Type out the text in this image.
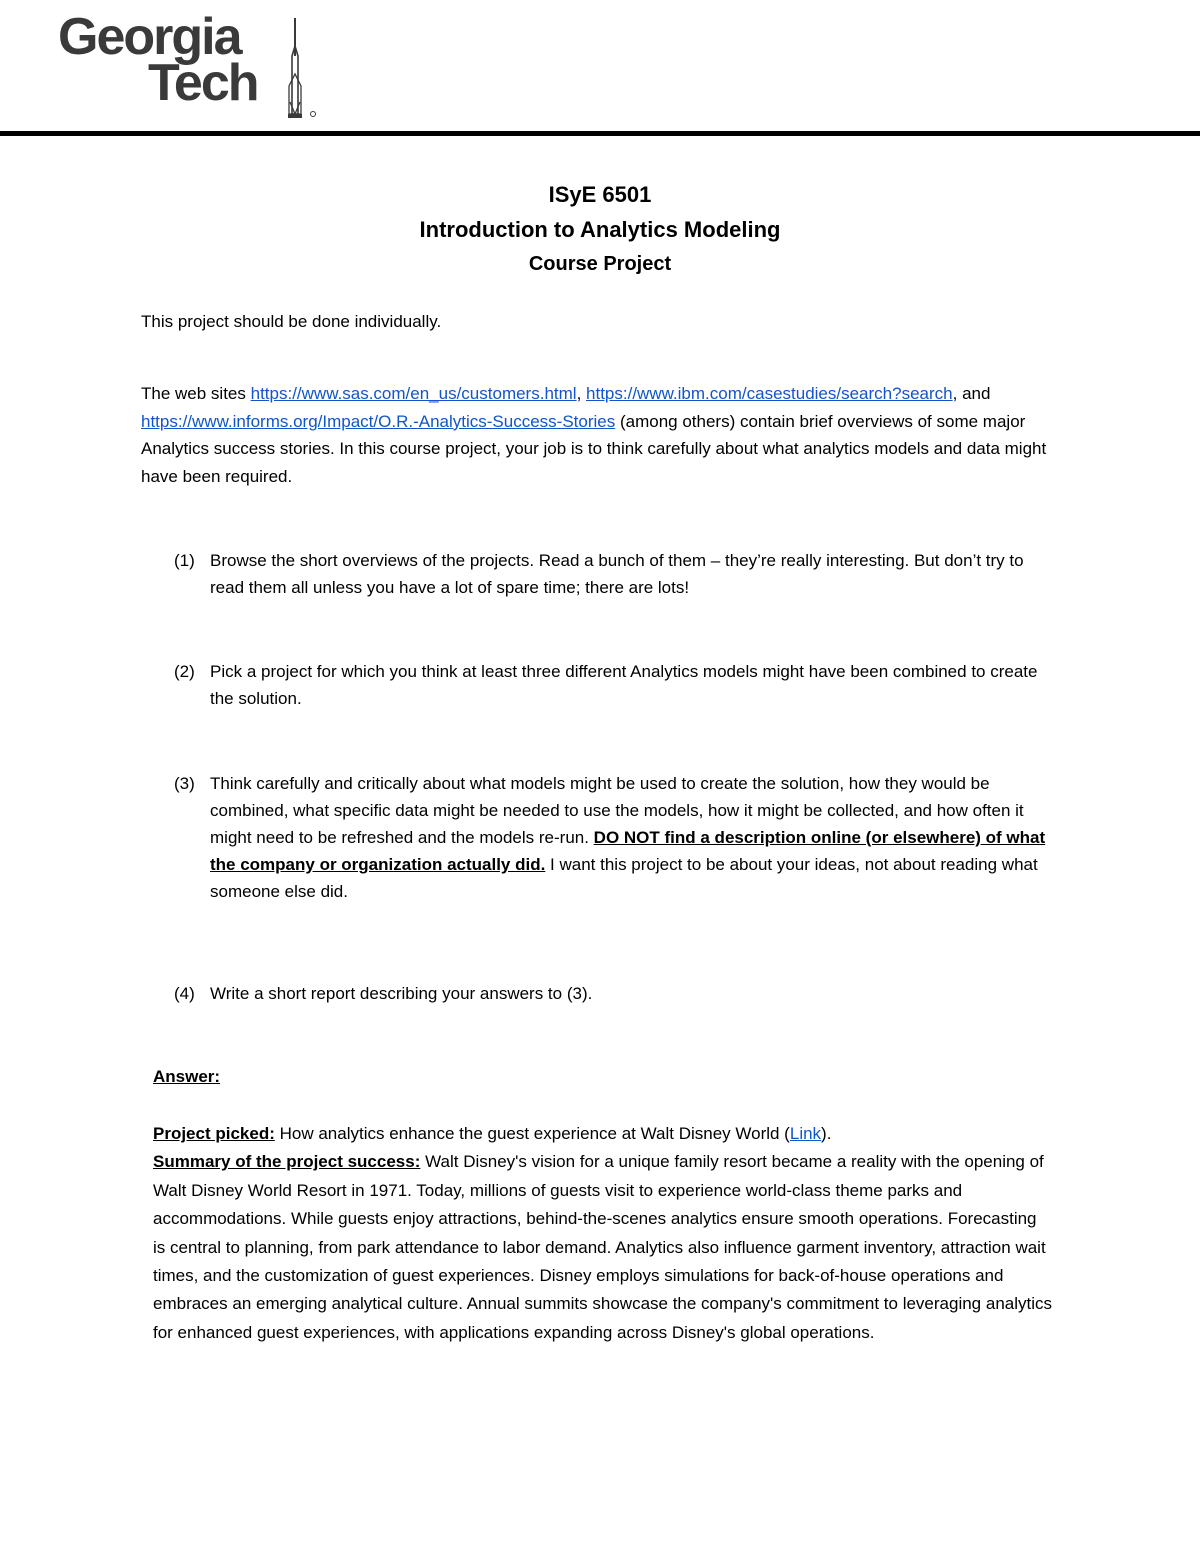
Georgia
Tech
ISyE 6501
Introduction to Analytics Modeling
Course Project
This project should be done individually.
The web sites https://www.sas.com/en_us/customers.html, https://www.ibm.com/casestudies/search?search, and https://www.informs.org/Impact/O.R.-Analytics-Success-Stories (among others) contain brief overviews of some major Analytics success stories. In this course project, your job is to think carefully about what analytics models and data might have been required.
(1) Browse the short overviews of the projects. Read a bunch of them – they’re really interesting. But don’t try to read them all unless you have a lot of spare time; there are lots!
(2) Pick a project for which you think at least three different Analytics models might have been combined to create the solution.
(3) Think carefully and critically about what models might be used to create the solution, how they would be combined, what specific data might be needed to use the models, how it might be collected, and how often it might need to be refreshed and the models re-run. DO NOT find a description online (or elsewhere) of what the company or organization actually did. I want this project to be about your ideas, not about reading what someone else did.
(4) Write a short report describing your answers to (3).
Answer:
Project picked: How analytics enhance the guest experience at Walt Disney World (Link).
Summary of the project success: Walt Disney's vision for a unique family resort became a reality with the opening of Walt Disney World Resort in 1971. Today, millions of guests visit to experience world-class theme parks and accommodations. While guests enjoy attractions, behind-the-scenes analytics ensure smooth operations. Forecasting is central to planning, from park attendance to labor demand. Analytics also influence garment inventory, attraction wait times, and the customization of guest experiences. Disney employs simulations for back-of-house operations and embraces an emerging analytical culture. Annual summits showcase the company's commitment to leveraging analytics for enhanced guest experiences, with applications expanding across Disney's global operations.
